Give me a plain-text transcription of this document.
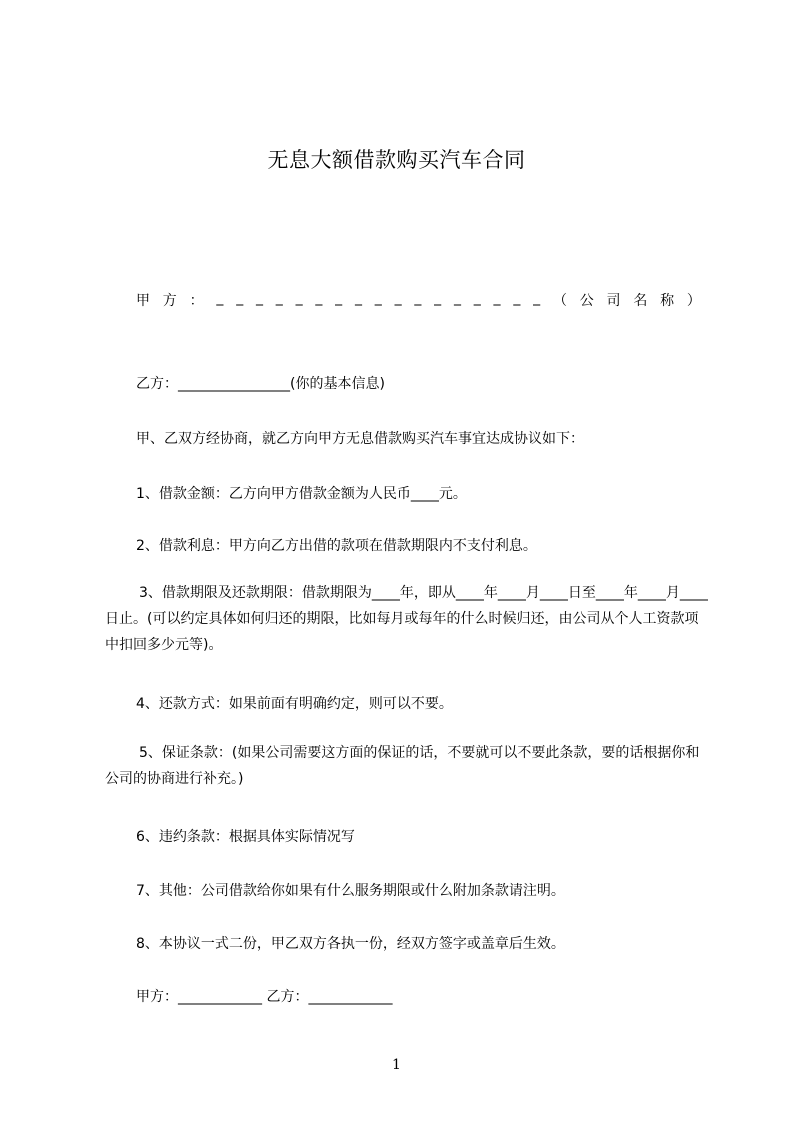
无息大额借款购买汽车合同
甲 方 ： _ _ _ _ _ _ _ _ _ _ _ _ _ _ _ _ _ （ 公 司 名 称 ）
乙方：________________(你的基本信息)
甲、乙双方经协商，就乙方向甲方无息借款购买汽车事宜达成协议如下：
1、借款金额：乙方向甲方借款金额为人民币____元。
2、借款利息：甲方向乙方出借的款项在借款期限内不支付利息。
3、借款期限及还款期限：借款期限为____年，即从____年____月____日至____年____月____日止。(可以约定具体如何归还的期限，比如每月或每年的什么时候归还，由公司从个人工资款项中扣回多少元等)。
4、还款方式：如果前面有明确约定，则可以不要。
5、保证条款：(如果公司需要这方面的保证的话，不要就可以不要此条款，要的话根据你和公司的协商进行补充。)
6、违约条款：根据具体实际情况写
7、其他：公司借款给你如果有什么服务期限或什么附加条款请注明。
8、本协议一式二份，甲乙双方各执一份，经双方签字或盖章后生效。
甲方：____________ 乙方：____________
1
